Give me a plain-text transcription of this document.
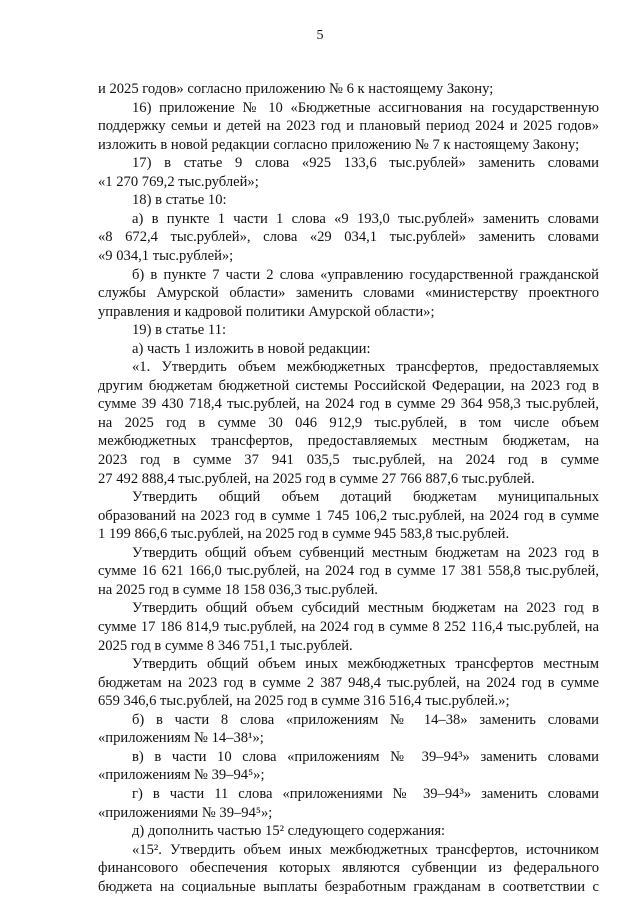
5
и 2025 годов» согласно приложению № 6 к настоящему Закону;
16) приложение № 10 «Бюджетные ассигнования на государственную
поддержку семьи и детей на 2023 год и плановый период 2024 и 2025 годов»
изложить в новой редакции согласно приложению № 7 к настоящему Закону;
17) в статье 9 слова «925 133,6 тыс.рублей» заменить словами
«1 270 769,2 тыс.рублей»;
18) в статье 10:
а) в пункте 1 части 1 слова «9 193,0 тыс.рублей» заменить словами
«8 672,4 тыс.рублей», слова «29 034,1 тыс.рублей» заменить словами
«9 034,1 тыс.рублей»;
б) в пункте 7 части 2 слова «управлению государственной гражданской
службы Амурской области» заменить словами «министерству проектного
управления и кадровой политики Амурской области»;
19) в статье 11:
а) часть 1 изложить в новой редакции:
«1. Утвердить объем межбюджетных трансфертов, предоставляемых
другим бюджетам бюджетной системы Российской Федерации, на 2023 год в
сумме 39 430 718,4 тыс.рублей, на 2024 год в сумме 29 364 958,3 тыс.рублей,
на 2025 год в сумме 30 046 912,9 тыс.рублей, в том числе объем
межбюджетных трансфертов, предоставляемых местным бюджетам, на
2023 год в сумме 37 941 035,5 тыс.рублей, на 2024 год в сумме
27 492 888,4 тыс.рублей, на 2025 год в сумме 27 766 887,6 тыс.рублей.
Утвердить общий объем дотаций бюджетам муниципальных
образований на 2023 год в сумме 1 745 106,2 тыс.рублей, на 2024 год в сумме
1 199 866,6 тыс.рублей, на 2025 год в сумме 945 583,8 тыс.рублей.
Утвердить общий объем субвенций местным бюджетам на 2023 год в
сумме 16 621 166,0 тыс.рублей, на 2024 год в сумме 17 381 558,8 тыс.рублей,
на 2025 год в сумме 18 158 036,3 тыс.рублей.
Утвердить общий объем субсидий местным бюджетам на 2023 год в
сумме 17 186 814,9 тыс.рублей, на 2024 год в сумме 8 252 116,4 тыс.рублей, на
2025 год в сумме 8 346 751,1 тыс.рублей.
Утвердить общий объем иных межбюджетных трансфертов местным
бюджетам на 2023 год в сумме 2 387 948,4 тыс.рублей, на 2024 год в сумме
659 346,6 тыс.рублей, на 2025 год в сумме 316 516,4 тыс.рублей.»;
б) в части 8 слова «приложениям № 14–38» заменить словами
«приложениям № 14–38¹»;
в) в части 10 слова «приложениям № 39–94³» заменить словами
«приложениям № 39–94⁵»;
г) в части 11 слова «приложениями № 39–94³» заменить словами
«приложениями № 39–94⁵»;
д) дополнить частью 15² следующего содержания:
«15². Утвердить объем иных межбюджетных трансфертов, источником
финансового обеспечения которых являются субвенции из федерального
бюджета на социальные выплаты безработным гражданам в соответствии с
